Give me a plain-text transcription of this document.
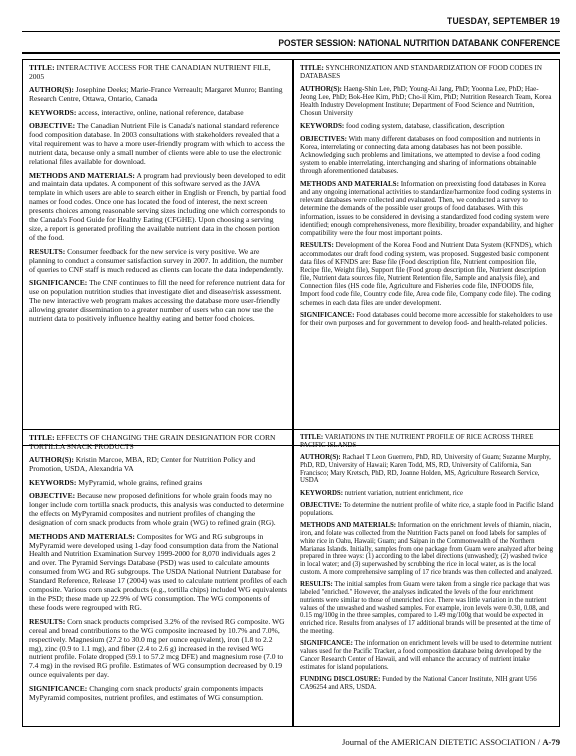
TUESDAY, SEPTEMBER 19
POSTER SESSION: NATIONAL NUTRITION DATABANK CONFERENCE

TITLE: INTERACTIVE ACCESS FOR THE CANADIAN NUTRIENT FILE, 2005

AUTHOR(S): Josephine Deeks; Marie-France Verreault; Margaret Munro; Banting Research Centre, Ottawa, Ontario, Canada

KEYWORDS: access, interactive, online, national reference, database

OBJECTIVE: The Canadian Nutrient File is Canada's national standard reference food composition database. In 2003 consultations with stakeholders revealed that a vital requirement was to have a more user-friendly program with which to access the nutrient data, because only a small number of clients were able to use the electronic relational files available for download.

METHODS AND MATERIALS: A program had previously been developed to edit and maintain data updates. A component of this software served as the JAVA template in which users are able to search either in English or French, by partial food names or food codes. Once one has located the food of interest, the next screen presents choices among reasonable serving sizes including one which corresponds to the Canada's Food Guide for Healthy Eating (CFGHE). Upon choosing a serving size, a report is generated profiling the available nutrient data in the chosen portion of the food.

RESULTS: Consumer feedback for the new service is very positive. We are planning to conduct a consumer satisfaction survey in 2007. In addition, the number of queries to CNF staff is much reduced as clients can locate the data independently.

SIGNIFICANCE: The CNF continues to fill the need for reference nutrient data for use on population nutrition studies that investigate diet and disease/risk assessment. The new interactive web program makes accessing the database more user-friendly allowing greater dissemination to a greater number of users who can now use the nutrient data to positively influence healthy eating and better food choices.

TITLE: SYNCHRONIZATION AND STANDARDIZATION OF FOOD CODES IN DATABASES

AUTHOR(S): Haeng-Shin Lee, PhD; Young-Ai Jang, PhD; Yoonna Lee, PhD; Hae-Jeong Lee, PhD; Bok-Hee Kim, PhD; Cho-il Kim, PhD; Nutrition Research Team, Korea Health Industry Development Institute; Department of Food Science and Nutrition, Chosun University

KEYWORDS: food coding system, database, classification, description

OBJECTIVES: With many different databases on food composition and nutrients in Korea, interrelating or connecting data among databases has not been possible. Acknowledging such problems and limitations, we attempted to devise a food coding system to enable interrelating, interchanging and sharing of informations obtainable through aforementioned databases.

METHODS AND MATERIALS: Information on preexisting food databases in Korea and any ongoing international activities to standardize/harmonize food coding systems in relevant databases were collected and evaluated. Then, we conducted a survey to determine the demands of the possible user groups of food databases. With this information, issues to be considered in devising a standardized food coding system were identified; enough comprehensiveness, more flexibility, broader expandability, and higher compatibility were the four most important points.

RESULTS: Development of the Korea Food and Nutrient Data System (KFNDS), which accommodates our draft food coding system, was proposed. Suggested basic component data files of KFNDS are: Base file (Food description file, Nutrient composition file, Recipe file, Weight file), Support file (Food group description file, Nutrient description file, Nutrient data sources file, Nutrient Retention file, Sample and analysis file), and Connection files (HS code file, Agriculture and Fisheries code file, INFOODS file, Import food code file, Country code file, Area code file, Company code file). The coding schemes in each data files are under development.

SIGNIFICANCE: Food databases could become more accessible for stakeholders to use for their own purposes and for government to develop food- and health-related policies.

TITLE: EFFECTS OF CHANGING THE GRAIN DESIGNATION FOR CORN TORTILLA SNACK PRODUCTS

AUTHOR(S): Kristin Marcoe, MBA, RD; Center for Nutrition Policy and Promotion, USDA, Alexandria VA

KEYWORDS: MyPyramid, whole grains, refined grains

OBJECTIVE: Because new proposed definitions for whole grain foods may no longer include corn tortilla snack products, this analysis was conducted to determine the effects on MyPyramid composites and nutrient profiles of changing the designation of corn snack products from whole grain (WG) to refined grain (RG).

METHODS AND MATERIALS: Composites for WG and RG subgroups in MyPyramid were developed using 1-day food consumption data from the National Health and Nutrition Examination Survey 1999-2000 for 8,070 individuals ages 2 and over. The Pyramid Servings Database (PSD) was used to calculate amounts consumed from WG and RG subgroups. The USDA National Nutrient Database for Standard Reference, Release 17 (2004) was used to calculate nutrient profiles of each composite. Various corn snack products (e.g., tortilla chips) included WG equivalents in the PSD; these made up 22.9% of WG consumption. The WG components of these foods were regrouped with RG.

RESULTS: Corn snack products comprised 3.2% of the revised RG composite. WG cereal and bread contributions to the WG composite increased by 10.7% and 7.0%, respectively. Magnesium (27.2 to 30.0 mg per ounce equivalent), iron (1.8 to 2.2 mg), zinc (0.9 to 1.1 mg), and fiber (2.4 to 2.6 g) increased in the revised WG nutrient profile. Folate dropped (59.1 to 57.2 mcg DFE) and magnesium rose (7.0 to 7.4 mg) in the revised RG profile. Estimates of WG consumption decreased by 0.19 ounce equivalents per day.

SIGNIFICANCE: Changing corn snack products' grain components impacts MyPyramid composites, nutrient profiles, and estimates of WG consumption.

TITLE: VARIATIONS IN THE NUTRIENT PROFILE OF RICE ACROSS THREE PACIFIC ISLANDS

AUTHOR(S): Rachael T Leon Guerrero, PhD, RD, University of Guam; Suzanne Murphy, PhD, RD, University of Hawaii; Karen Todd, MS, RD, University of California, San Francisco; Mary Kretsch, PhD, RD, Joanne Holden, MS, Agriculture Research Service, USDA

KEYWORDS: nutrient variation, nutrient enrichment, rice

OBJECTIVE: To determine the nutrient profile of white rice, a staple food in Pacific Island populations.

METHODS AND MATERIALS: Information on the enrichment levels of thiamin, niacin, iron, and folate was collected from the Nutrition Facts panel on food labels for samples of white rice in Oahu, Hawaii; Guam; and Saipan in the Commonwealth of the Northern Marianas Islands. Initially, samples from one package from Guam were analyzed after being prepared in three ways: (1) according to the label directions (unwashed); (2) washed twice in local water; and (3) superwashed by scrubbing the rice in local water, as is the local custom. A more comprehensive sampling of 17 rice brands was then collected and analyzed.

RESULTS: The initial samples from Guam were taken from a single rice package that was labeled "enriched." However, the analyses indicated the levels of the four enrichment nutrients were similar to those of unenriched rice. There was little variation in the nutrient values of the unwashed and washed samples. For example, iron levels were 0.30, 0.08, and 0.15 mg/100g in the three samples, compared to 1.49 mg/100g that would be expected in enriched rice. Results from analyses of 17 additional brands will be presented at the time of the meeting.

SIGNIFICANCE: The information on enrichment levels will be used to determine nutrient values used for the Pacific Tracker, a food composition database being developed by the Cancer Research Center of Hawaii, and will enhance the accuracy of nutrient intake estimates for island populations.

FUNDING DISCLOSURE: Funded by the National Cancer Institute, NIH grant U56 CA96254 and ARS, USDA.

Journal of the AMERICAN DIETETIC ASSOCIATION / A-79
